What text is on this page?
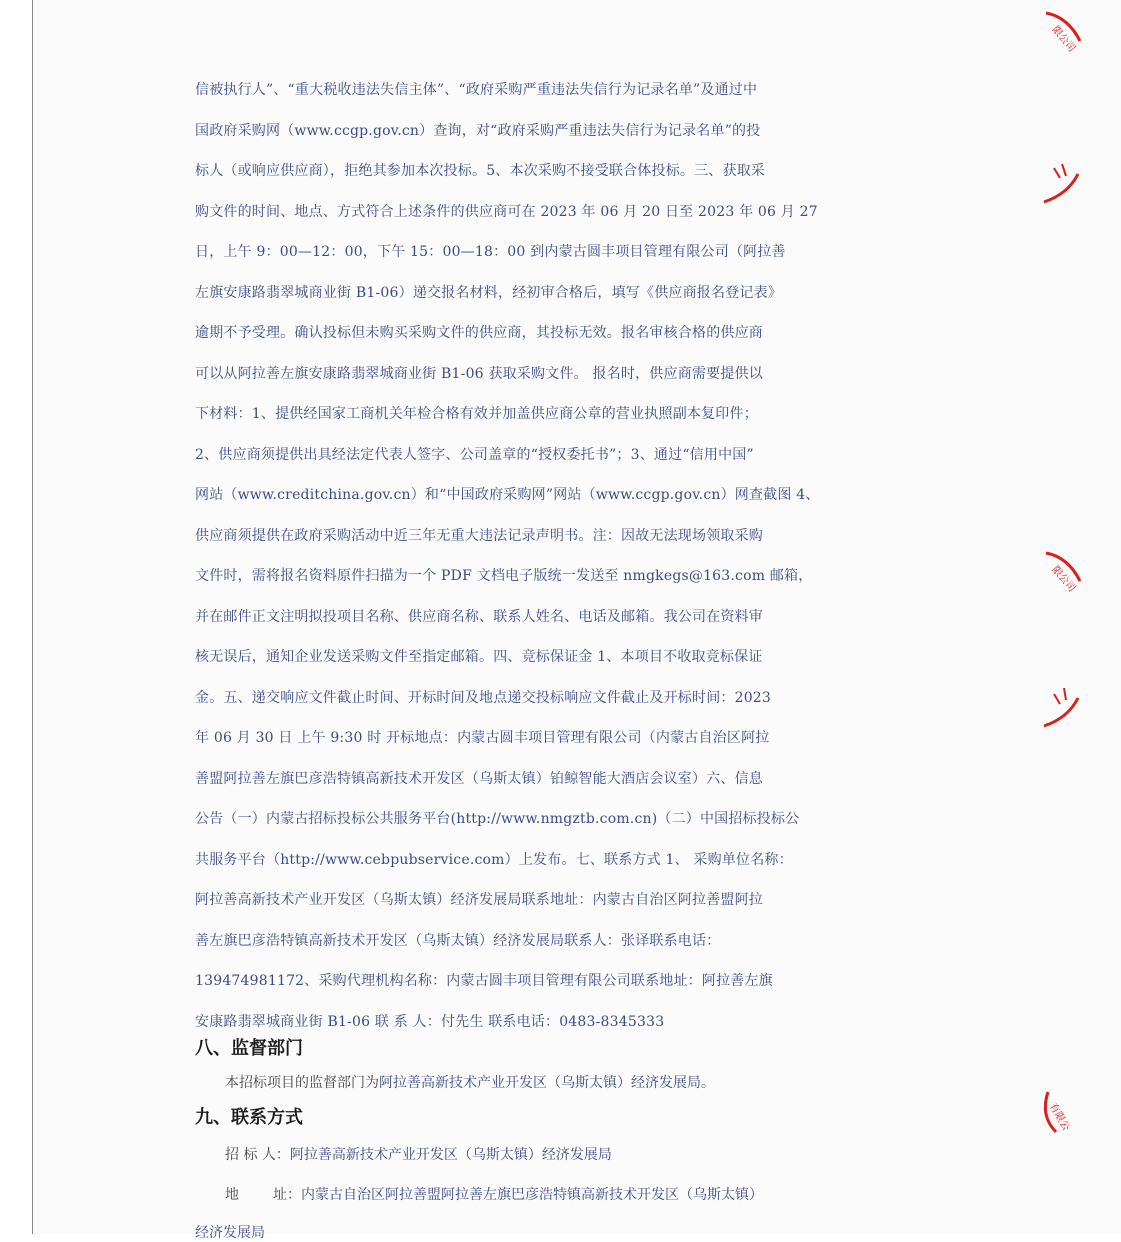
信被执行人”、“重大税收违法失信主体”、“政府采购严重违法失信行为记录名单”及通过中
国政府采购网（www.ccgp.gov.cn）查询，对“政府采购严重违法失信行为记录名单”的投
标人（或响应供应商），拒绝其参加本次投标。5、本次采购不接受联合体投标。三、获取采
购文件的时间、地点、方式符合上述条件的供应商可在 2023 年 06 月 20 日至 2023 年 06 月 27
日，上午 9：00—12：00，下午 15：00—18：00 到内蒙古圆丰项目管理有限公司（阿拉善
左旗安康路翡翠城商业街 B1-06）递交报名材料，经初审合格后，填写《供应商报名登记表》
逾期不予受理。确认投标但未购买采购文件的供应商，其投标无效。报名审核合格的供应商
可以从阿拉善左旗安康路翡翠城商业街 B1-06 获取采购文件。 报名时，供应商需要提供以
下材料：1、提供经国家工商机关年检合格有效并加盖供应商公章的营业执照副本复印件；
2、供应商须提供出具经法定代表人签字、公司盖章的“授权委托书”；3、通过“信用中国”
网站（www.creditchina.gov.cn）和“中国政府采购网”网站（www.ccgp.gov.cn）网查截图 4、
供应商须提供在政府采购活动中近三年无重大违法记录声明书。注：因故无法现场领取采购
文件时，需将报名资料原件扫描为一个 PDF 文档电子版统一发送至 nmgkegs@163.com 邮箱，
并在邮件正文注明拟投项目名称、供应商名称、联系人姓名、电话及邮箱。我公司在资料审
核无误后，通知企业发送采购文件至指定邮箱。四、竞标保证金 1、本项目不收取竞标保证
金。五、递交响应文件截止时间、开标时间及地点递交投标响应文件截止及开标时间：2023
年 06 月 30 日 上午 9:30 时 开标地点：内蒙古圆丰项目管理有限公司（内蒙古自治区阿拉
善盟阿拉善左旗巴彦浩特镇高新技术开发区（乌斯太镇）铂鲸智能大酒店会议室）六、信息
公告（一）内蒙古招标投标公共服务平台(http://www.nmgztb.com.cn)（二）中国招标投标公
共服务平台（http://www.cebpubservice.com）上发布。七、联系方式 1、 采购单位名称：
阿拉善高新技术产业开发区（乌斯太镇）经济发展局联系地址：内蒙古自治区阿拉善盟阿拉
善左旗巴彦浩特镇高新技术开发区（乌斯太镇）经济发展局联系人：张译联系电话：
139474981172、采购代理机构名称：内蒙古圆丰项目管理有限公司联系地址：阿拉善左旗
安康路翡翠城商业街 B1-06 联 系 人：付先生 联系电话：0483-8345333
八、监督部门
本招标项目的监督部门为阿拉善高新技术产业开发区（乌斯太镇）经济发展局。
九、联系方式
招 标 人：阿拉善高新技术产业开发区（乌斯太镇）经济发展局
地 址：内蒙古自治区阿拉善盟阿拉善左旗巴彦浩特镇高新技术开发区（乌斯太镇）
经济发展局
限公司
限公司
有限公
